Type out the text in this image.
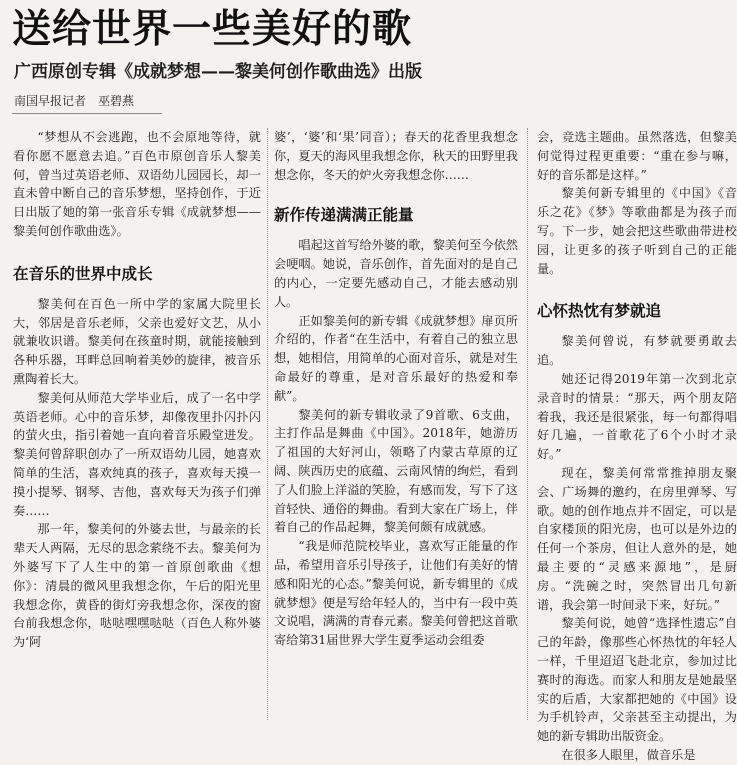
送给世界一些美好的歌
广西原创专辑《成就梦想——黎美何创作歌曲选》出版
南国早报记者　巫碧燕

“梦想从不会逃跑，也不会原地等待，就看你愿不愿意去追。”百色市原创音乐人黎美何，曾当过英语老师、双语幼儿园园长，却一直未曾中断自己的音乐梦想，坚持创作，于近日出版了她的第一张音乐专辑《成就梦想——黎美何创作歌曲选》。

在音乐的世界中成长

黎美何在百色一所中学的家属大院里长大，邻居是音乐老师，父亲也爱好文艺，从小就兼收识谱。黎美何在孩童时期，就能接触到各种乐器，耳畔总回响着美妙的旋律，被音乐熏陶着长大。

黎美何从师范大学毕业后，成了一名中学英语老师。心中的音乐梦，却像夜里扑闪扑闪的萤火虫，指引着她一直向着音乐殿堂进发。黎美何曾辞职创办了一所双语幼儿园，她喜欢简单的生活，喜欢纯真的孩子，喜欢每天摸一摸小提琴、钢琴、吉他，喜欢每天为孩子们弹奏……

那一年，黎美何的外婆去世，与最亲的长辈天人两隔，无尽的思念萦绕不去。黎美何为外婆写下了人生中的第一首原创歌曲《想你》：清晨的微风里我想念你，午后的阳光里我想念你，黄昏的街灯旁我想念你，深夜的窗台前我想念你，哒哒嘿嘿哒哒（百色人称外婆为‘阿

婆’，‘婆’和‘果’同音）；春天的花香里我想念你，夏天的海风里我想念你，秋天的田野里我想念你，冬天的炉火旁我想念你……

新作传递满满正能量

唱起这首写给外婆的歌，黎美何至今依然会哽咽。她说，音乐创作，首先面对的是自己的内心，一定要先感动自己，才能去感动别人。

正如黎美何的新专辑《成就梦想》扉页所介绍的，作者“在生活中，有着自己的独立思想，她相信，用简单的心面对音乐，就是对生命最好的尊重，是对音乐最好的热爱和奉献”。

黎美何的新专辑收录了9首歌、6支曲，主打作品是舞曲《中国》。2018年，她游历了祖国的大好河山，领略了内蒙古草原的辽阔、陕西历史的底蕴、云南风情的绚烂，看到了人们脸上洋溢的笑脸，有感而发，写下了这首轻快、通俗的舞曲。看到大家在广场上，伴着自己的作品起舞，黎美何颇有成就感。

“我是师范院校毕业，喜欢写正能量的作品，希望用音乐引导孩子，让他们有美好的情感和阳光的心态。”黎美何说，新专辑里的《成就梦想》便是写给年轻人的，当中有一段中英文说唱，满满的青春元素。黎美何曾把这首歌寄给第31届世界大学生夏季运动会组委

会，竞选主题曲。虽然落选，但黎美何觉得过程更重要：“重在参与嘛，好的音乐都是这样。”

黎美何新专辑里的《中国》《音乐之花》《梦》等歌曲都是为孩子而写。下一步，她会把这些歌曲带进校园，让更多的孩子听到自己的正能量。

心怀热忱有梦就追

黎美何曾说，有梦就要勇敢去追。

她还记得2019年第一次到北京录音时的情景：“那天，两个朋友陪着我，我还是很紧张，每一句都得唱好几遍，一首歌花了6个小时才录好。”

现在，黎美何常常推掉朋友聚会、广场舞的邀约，在房里弹琴、写歌。她的创作地点并不固定，可以是自家楼顶的阳光房，也可以是外边的任何一个茶房，但让人意外的是，她最主要的“灵感来源地”，是厨房。“洗碗之时，突然冒出几句新谱，我会第一时间录下来，好玩。”

黎美何说，她曾“选择性遗忘”自己的年龄，像那些心怀热忱的年轻人一样，千里迢迢飞赴北京，参加过比赛时的海选。而家人和朋友是她最坚实的后盾，大家都把她的《中国》设为手机铃声，父亲甚至主动提出，为她的新专辑助出版资金。

在很多人眼里，做音乐是
